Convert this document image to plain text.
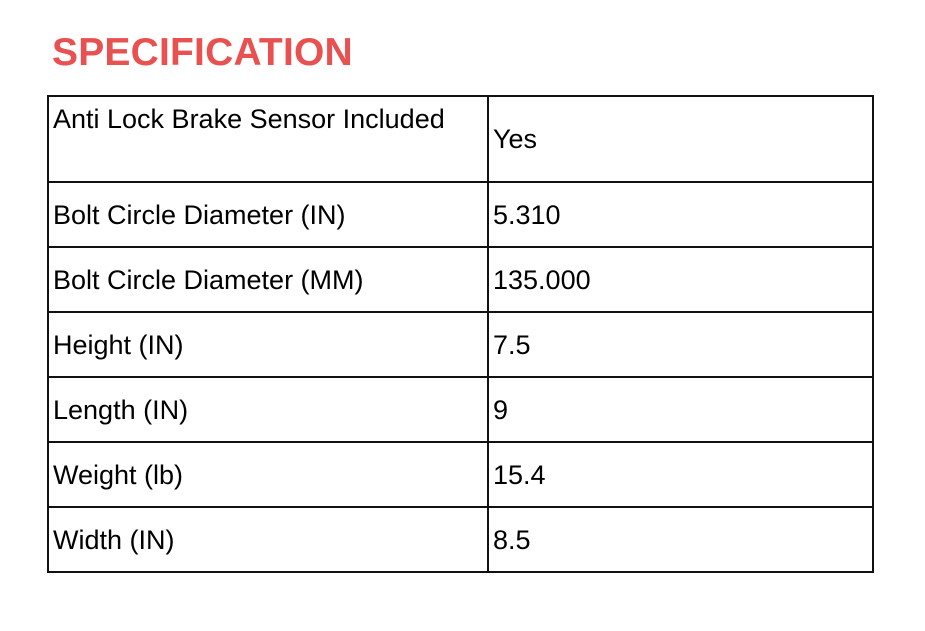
SPECIFICATION
Anti Lock Brake Sensor Included	Yes
Bolt Circle Diameter (IN)	5.310
Bolt Circle Diameter (MM)	135.000
Height (IN)	7.5
Length (IN)	9
Weight (lb)	15.4
Width (IN)	8.5
